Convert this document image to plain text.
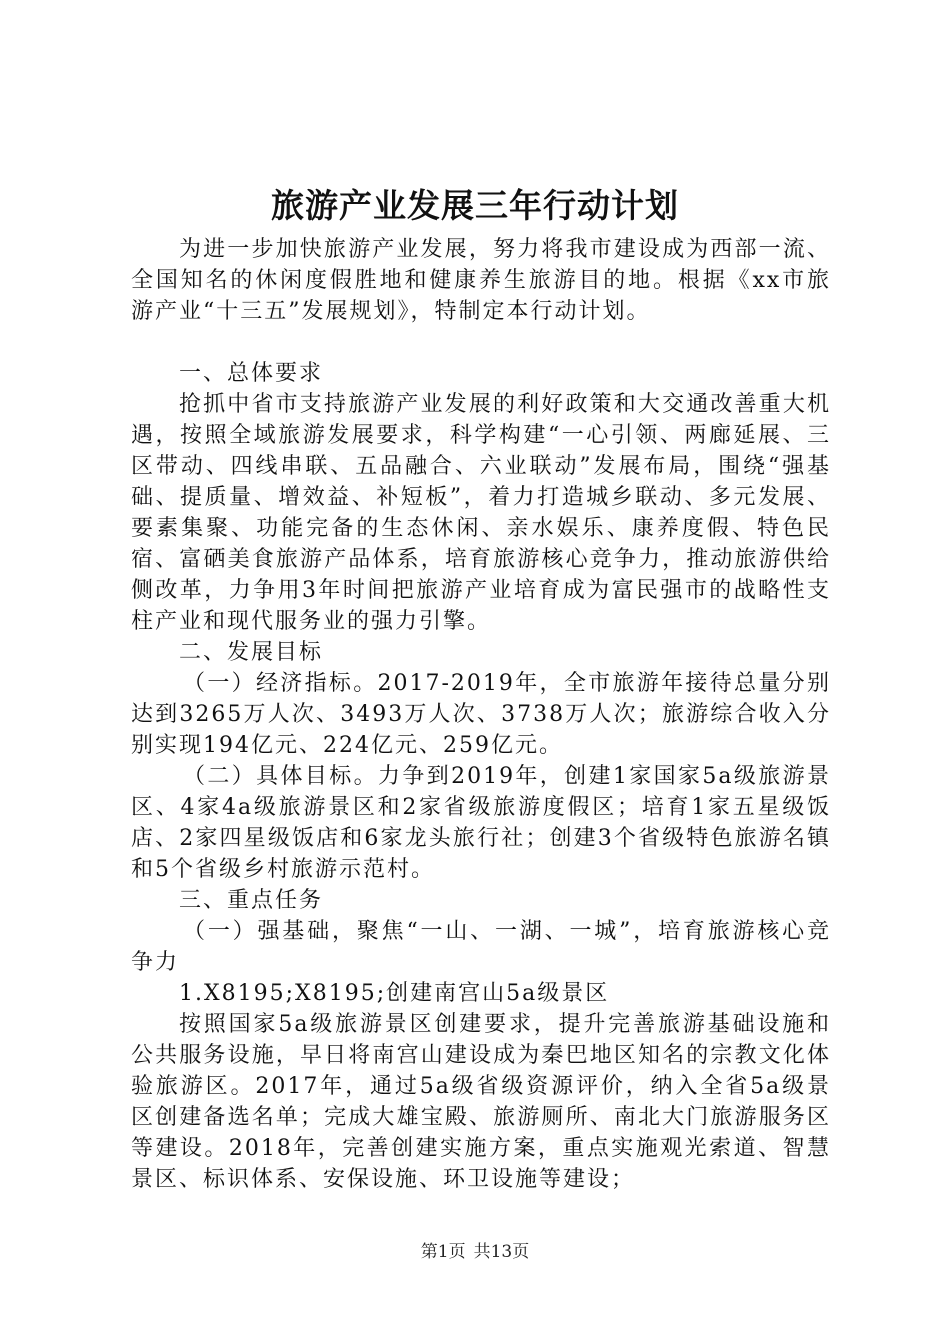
旅游产业发展三年行动计划

为进一步加快旅游产业发展，努力将我市建设成为西部一流、全国知名的休闲度假胜地和健康养生旅游目的地。根据《xx市旅游产业“十三五”发展规划》，特制定本行动计划。

一、总体要求

抢抓中省市支持旅游产业发展的利好政策和大交通改善重大机遇，按照全域旅游发展要求，科学构建“一心引领、两廊延展、三区带动、四线串联、五品融合、六业联动”发展布局，围绕“强基础、提质量、增效益、补短板”，着力打造城乡联动、多元发展、要素集聚、功能完备的生态休闲、亲水娱乐、康养度假、特色民宿、富硒美食旅游产品体系，培育旅游核心竞争力，推动旅游供给侧改革，力争用3年时间把旅游产业培育成为富民强市的战略性支柱产业和现代服务业的强力引擎。

二、发展目标

（一）经济指标。2017-2019年，全市旅游年接待总量分别达到3265万人次、3493万人次、3738万人次；旅游综合收入分别实现194亿元、224亿元、259亿元。

（二）具体目标。力争到2019年，创建1家国家5a级旅游景区、4家4a级旅游景区和2家省级旅游度假区；培育1家五星级饭店、2家四星级饭店和6家龙头旅行社；创建3个省级特色旅游名镇和5个省级乡村旅游示范村。

三、重点任务

（一）强基础，聚焦“一山、一湖、一城”，培育旅游核心竞争力

1.X8195;X8195;创建南宫山5a级景区

按照国家5a级旅游景区创建要求，提升完善旅游基础设施和公共服务设施，早日将南宫山建设成为秦巴地区知名的宗教文化体验旅游区。2017年，通过5a级省级资源评价，纳入全省5a级景区创建备选名单；完成大雄宝殿、旅游厕所、南北大门旅游服务区等建设。2018年，完善创建实施方案，重点实施观光索道、智慧景区、标识体系、安保设施、环卫设施等建设；

第1页 共13页
